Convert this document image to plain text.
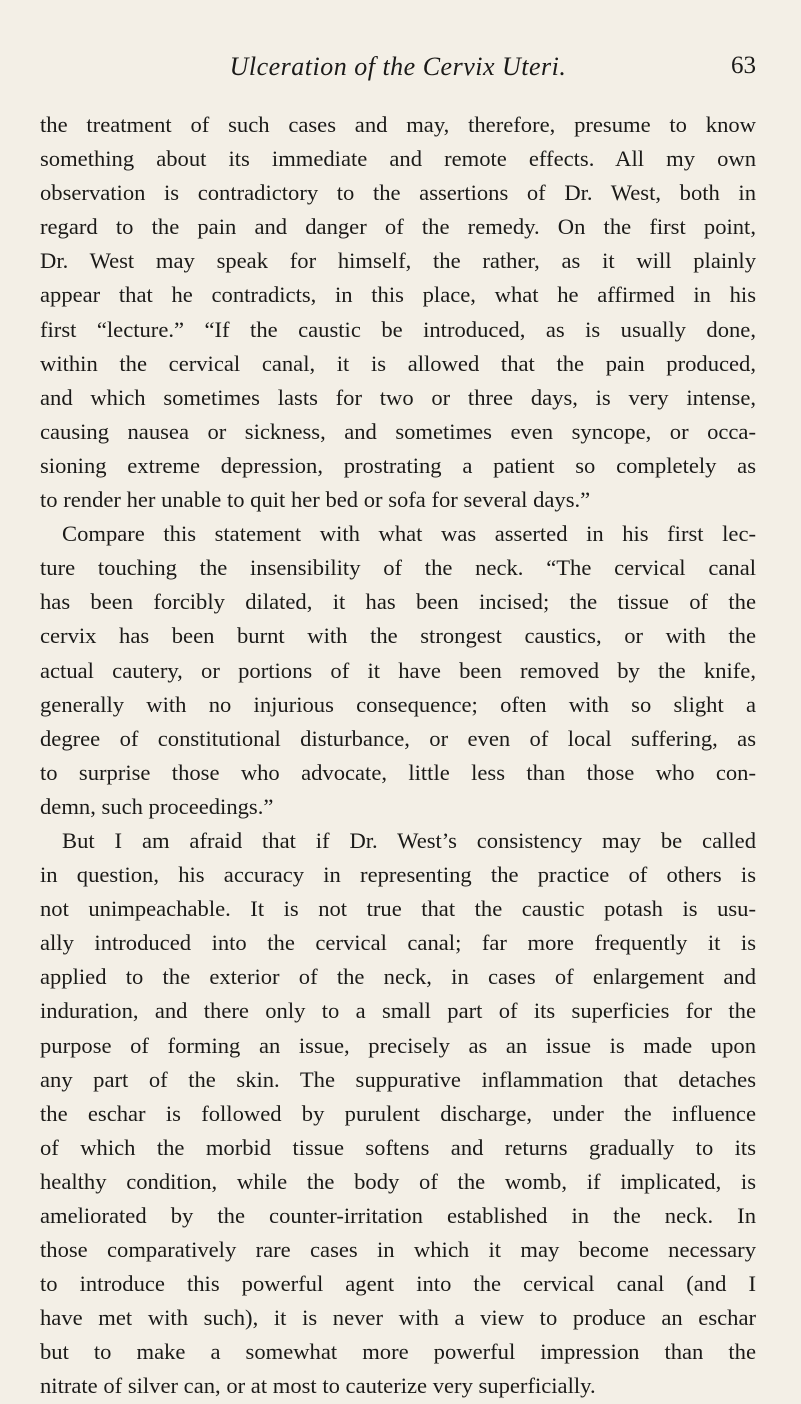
Ulceration of the Cervix Uteri.	63
the treatment of such cases and may, therefore, presume to know
something about its immediate and remote effects. All my own
observation is contradictory to the assertions of Dr. West, both in
regard to the pain and danger of the remedy. On the first point,
Dr. West may speak for himself, the rather, as it will plainly
appear that he contradicts, in this place, what he affirmed in his
first “lecture.” “If the caustic be introduced, as is usually done,
within the cervical canal, it is allowed that the pain produced,
and which sometimes lasts for two or three days, is very intense,
causing nausea or sickness, and sometimes even syncope, or occa-
sioning extreme depression, prostrating a patient so completely as
to render her unable to quit her bed or sofa for several days.”
Compare this statement with what was asserted in his first lec-
ture touching the insensibility of the neck. “The cervical canal
has been forcibly dilated, it has been incised; the tissue of the
cervix has been burnt with the strongest caustics, or with the
actual cautery, or portions of it have been removed by the knife,
generally with no injurious consequence; often with so slight a
degree of constitutional disturbance, or even of local suffering, as
to surprise those who advocate, little less than those who con-
demn, such proceedings.”
But I am afraid that if Dr. West’s consistency may be called
in question, his accuracy in representing the practice of others is
not unimpeachable. It is not true that the caustic potash is usu-
ally introduced into the cervical canal; far more frequently it is
applied to the exterior of the neck, in cases of enlargement and
induration, and there only to a small part of its superficies for the
purpose of forming an issue, precisely as an issue is made upon
any part of the skin. The suppurative inflammation that detaches
the eschar is followed by purulent discharge, under the influence
of which the morbid tissue softens and returns gradually to its
healthy condition, while the body of the womb, if implicated, is
ameliorated by the counter-irritation established in the neck. In
those comparatively rare cases in which it may become necessary
to introduce this powerful agent into the cervical canal (and I
have met with such), it is never with a view to produce an eschar
but to make a somewhat more powerful impression than the
nitrate of silver can, or at most to cauterize very superficially.
